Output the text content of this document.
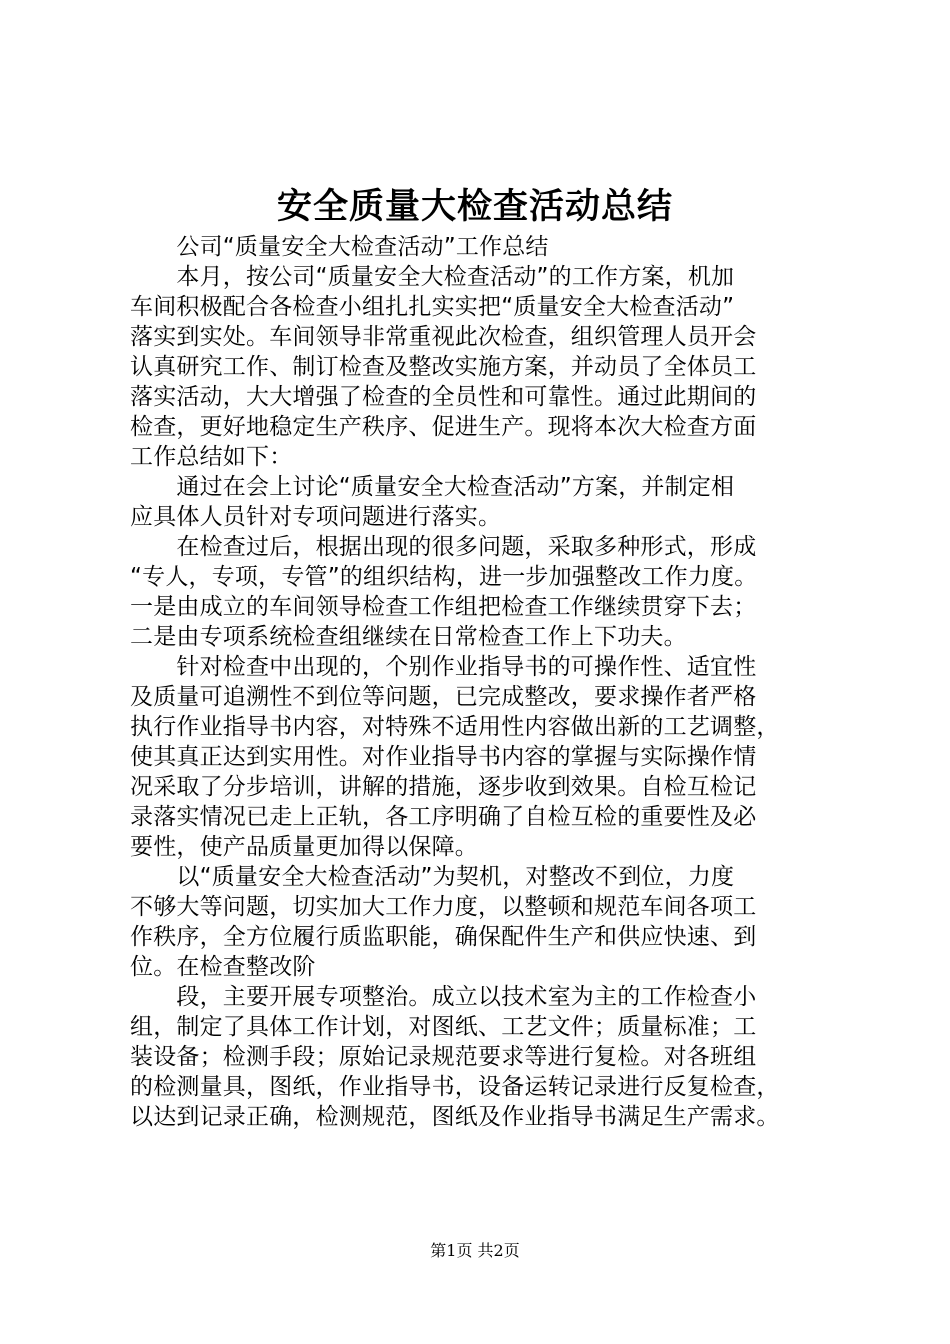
安全质量大检查活动总结
　　公司“质量安全大检查活动”工作总结
　　本月，按公司“质量安全大检查活动”的工作方案，机加
车间积极配合各检查小组扎扎实实把“质量安全大检查活动”
落实到实处。车间领导非常重视此次检查，组织管理人员开会
认真研究工作、制订检查及整改实施方案，并动员了全体员工
落实活动，大大增强了检查的全员性和可靠性。通过此期间的
检查，更好地稳定生产秩序、促进生产。现将本次大检查方面
工作总结如下：
　　通过在会上讨论“质量安全大检查活动”方案，并制定相
应具体人员针对专项问题进行落实。
　　在检查过后，根据出现的很多问题，采取多种形式，形成
“专人，专项，专管”的组织结构，进一步加强整改工作力度。
一是由成立的车间领导检查工作组把检查工作继续贯穿下去；
二是由专项系统检查组继续在日常检查工作上下功夫。
　　针对检查中出现的，个别作业指导书的可操作性、适宜性
及质量可追溯性不到位等问题，已完成整改，要求操作者严格
执行作业指导书内容，对特殊不适用性内容做出新的工艺调整，
使其真正达到实用性。对作业指导书内容的掌握与实际操作情
况采取了分步培训，讲解的措施，逐步收到效果。自检互检记
录落实情况已走上正轨，各工序明确了自检互检的重要性及必
要性，使产品质量更加得以保障。
　　以“质量安全大检查活动”为契机，对整改不到位，力度
不够大等问题，切实加大工作力度，以整顿和规范车间各项工
作秩序，全方位履行质监职能，确保配件生产和供应快速、到
位。在检查整改阶
　　段，主要开展专项整治。成立以技术室为主的工作检查小
组，制定了具体工作计划，对图纸、工艺文件；质量标准；工
装设备；检测手段；原始记录规范要求等进行复检。对各班组
的检测量具，图纸，作业指导书，设备运转记录进行反复检查，
以达到记录正确，检测规范，图纸及作业指导书满足生产需求。
第1页 共2页
